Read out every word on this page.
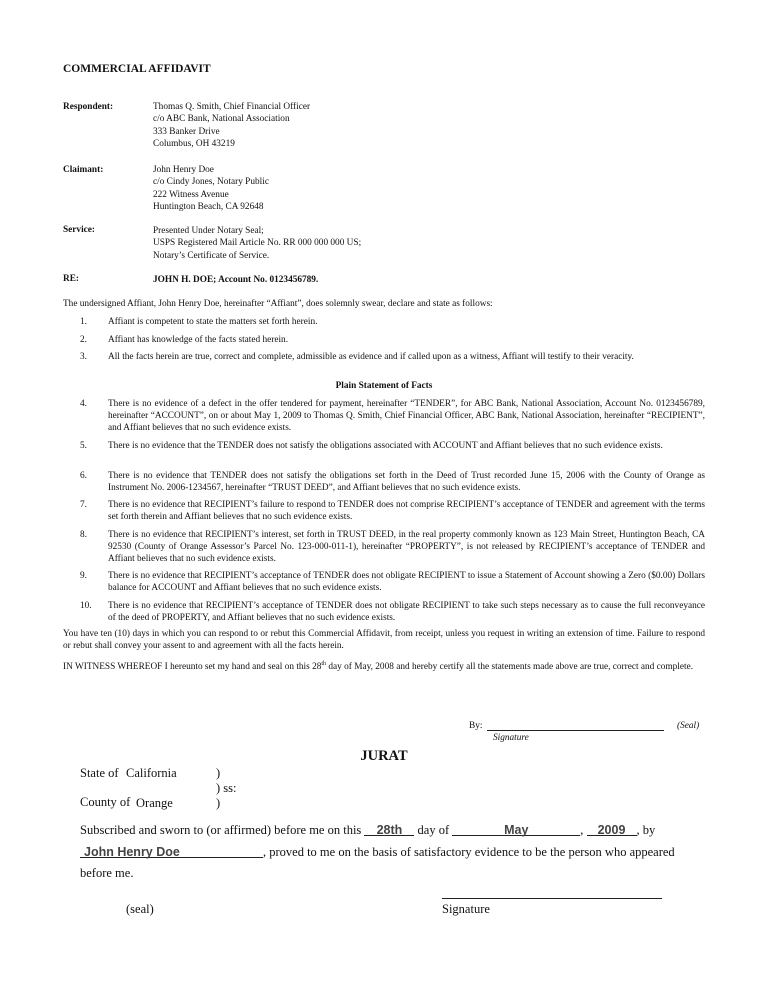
COMMERCIAL AFFIDAVIT
Respondent:	Thomas Q. Smith, Chief Financial Officer
c/o ABC Bank, National Association
333 Banker Drive
Columbus, OH 43219
Claimant:	John Henry Doe
c/o Cindy Jones, Notary Public
222 Witness Avenue
Huntington Beach, CA 92648
Service:	Presented Under Notary Seal;
USPS Registered Mail Article No. RR 000 000 000 US;
Notary’s Certificate of Service.
RE:	JOHN H. DOE; Account No. 0123456789.
The undersigned Affiant, John Henry Doe, hereinafter “Affiant”, does solemnly swear, declare and state as follows:
1.	Affiant is competent to state the matters set forth herein.
2.	Affiant has knowledge of the facts stated herein.
3.	All the facts herein are true, correct and complete, admissible as evidence and if called upon as a witness, Affiant will testify to their veracity.
Plain Statement of Facts
4.	There is no evidence of a defect in the offer tendered for payment, hereinafter “TENDER”, for ABC Bank, National Association, Account No. 0123456789, hereinafter “ACCOUNT”, on or about May 1, 2009 to Thomas Q. Smith, Chief Financial Officer, ABC Bank, National Association, hereinafter “RECIPIENT”, and Affiant believes that no such evidence exists.
5.	There is no evidence that the TENDER does not satisfy the obligations associated with ACCOUNT and Affiant believes that no such evidence exists.
6.	There is no evidence that TENDER does not satisfy the obligations set forth in the Deed of Trust recorded June 15, 2006 with the County of Orange as Instrument No. 2006-1234567, hereinafter “TRUST DEED”, and Affiant believes that no such evidence exists.
7.	There is no evidence that RECIPIENT’s failure to respond to TENDER does not comprise RECIPIENT’s acceptance of TENDER and agreement with the terms set forth therein and Affiant believes that no such evidence exists.
8.	There is no evidence that RECIPIENT’s interest, set forth in TRUST DEED, in the real property commonly known as 123 Main Street, Huntington Beach, CA 92530 (County of Orange Assessor’s Parcel No. 123-000-011-1), hereinafter “PROPERTY”, is not released by RECIPIENT’s acceptance of TENDER and Affiant believes that no such evidence exists.
9.	There is no evidence that RECIPIENT’s acceptance of TENDER does not obligate RECIPIENT to issue a Statement of Account showing a Zero ($0.00) Dollars balance for ACCOUNT and Affiant believes that no such evidence exists.
10.	There is no evidence that RECIPIENT’s acceptance of TENDER does not obligate RECIPIENT to take such steps necessary as to cause the full reconveyance of the deed of PROPERTY, and Affiant believes that no such evidence exists.
You have ten (10) days in which you can respond to or rebut this Commercial Affidavit, from receipt, unless you request in writing an extension of time. Failure to respond or rebut shall convey your assent to and agreement with all the facts herein.
IN WITNESS WHEREOF I hereunto set my hand and seal on this 28th day of May, 2008 and hereby certify all the statements made above are true, correct and complete.
By:	(Seal)
Signature
JURAT
State of California
County of Orange
)
) ss:
)
Subscribed and sworn to (or affirmed) before me on this 28th day of	May	, 2009 , by
John Henry Doe	, proved to me on the basis of satisfactory evidence to be the person who appeared
before me.
(seal)	Signature
